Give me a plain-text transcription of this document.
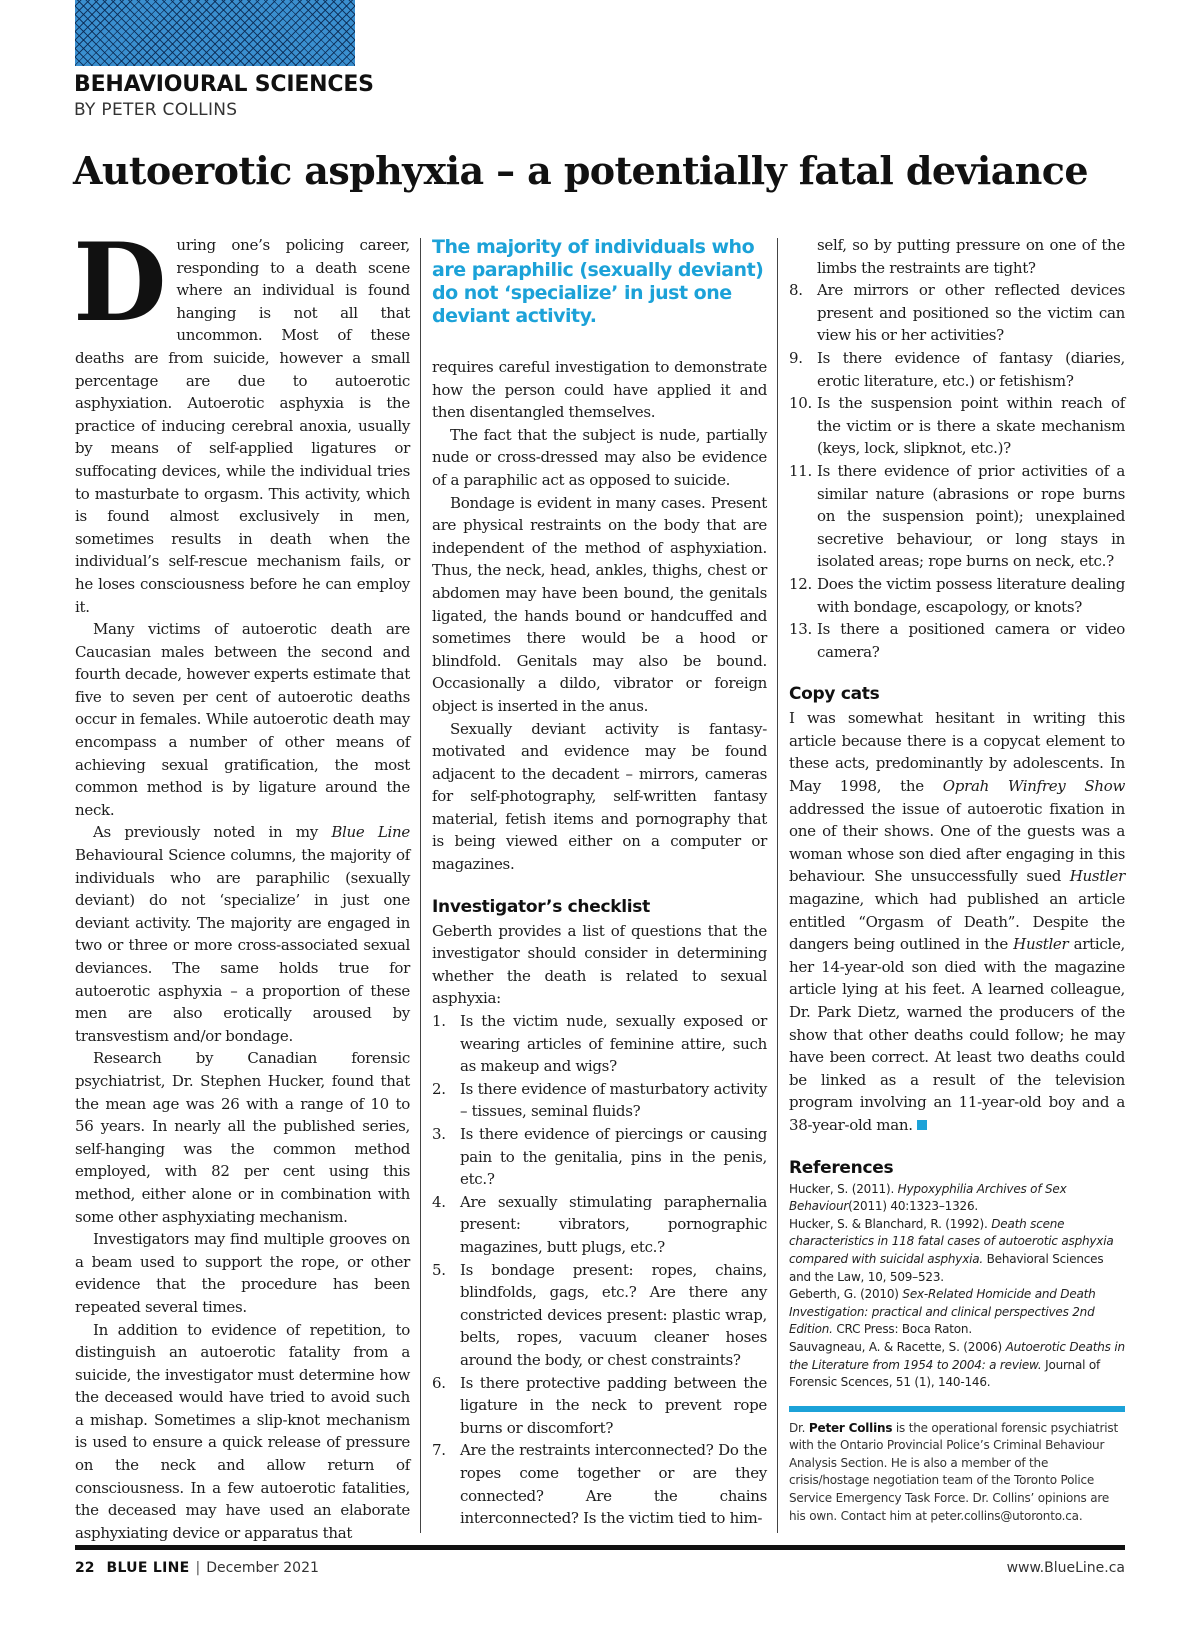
BEHAVIOURAL SCIENCES
BY PETER COLLINS
Autoerotic asphyxia – a potentially fatal deviance

During one’s policing career, responding to a death scene where an individual is found hanging is not all that uncommon. Most of these deaths are from suicide, however a small percentage are due to autoerotic asphyxiation. Autoerotic asphyxia is the practice of inducing cerebral anoxia, usually by means of self-applied ligatures or suffocating devices, while the individual tries to masturbate to orgasm. This activity, which is found almost exclusively in men, sometimes results in death when the individual’s self-rescue mechanism fails, or he loses consciousness before he can employ it.

Many victims of autoerotic death are Caucasian males between the second and fourth decade, however experts estimate that five to seven per cent of autoerotic deaths occur in females. While autoerotic death may encompass a number of other means of achieving sexual gratification, the most common method is by ligature around the neck.

As previously noted in my Blue Line Behavioural Science columns, the majority of individuals who are paraphilic (sexually deviant) do not ‘specialize’ in just one deviant activity. The majority are engaged in two or three or more cross-associated sexual deviances. The same holds true for autoerotic asphyxia – a proportion of these men are also erotically aroused by transvestism and/or bondage.

Research by Canadian forensic psychiatrist, Dr. Stephen Hucker, found that the mean age was 26 with a range of 10 to 56 years. In nearly all the published series, self-hanging was the common method employed, with 82 per cent using this method, either alone or in combination with some other asphyxiating mechanism.

Investigators may find multiple grooves on a beam used to support the rope, or other evidence that the procedure has been repeated several times.

In addition to evidence of repetition, to distinguish an autoerotic fatality from a suicide, the investigator must determine how the deceased would have tried to avoid such a mishap. Sometimes a slip-knot mechanism is used to ensure a quick release of pressure on the neck and allow return of consciousness. In a few autoerotic fatalities, the deceased may have used an elaborate asphyxiating device or apparatus that

The majority of individuals who are paraphilic (sexually deviant) do not ‘specialize’ in just one deviant activity.

requires careful investigation to demonstrate how the person could have applied it and then disentangled themselves.

The fact that the subject is nude, partially nude or cross-dressed may also be evidence of a paraphilic act as opposed to suicide.

Bondage is evident in many cases. Present are physical restraints on the body that are independent of the method of asphyxiation. Thus, the neck, head, ankles, thighs, chest or abdomen may have been bound, the genitals ligated, the hands bound or handcuffed and sometimes there would be a hood or blindfold. Genitals may also be bound. Occasionally a dildo, vibrator or foreign object is inserted in the anus.

Sexually deviant activity is fantasy-motivated and evidence may be found adjacent to the decadent – mirrors, cameras for self-photography, self-written fantasy material, fetish items and pornography that is being viewed either on a computer or magazines.

Investigator’s checklist

Geberth provides a list of questions that the investigator should consider in determining whether the death is related to sexual asphyxia:

1. Is the victim nude, sexually exposed or wearing articles of feminine attire, such as makeup and wigs?
2. Is there evidence of masturbatory activity – tissues, seminal fluids?
3. Is there evidence of piercings or causing pain to the genitalia, pins in the penis, etc.?
4. Are sexually stimulating paraphernalia present: vibrators, pornographic magazines, butt plugs, etc.?
5. Is bondage present: ropes, chains, blindfolds, gags, etc.? Are there any constricted devices present: plastic wrap, belts, ropes, vacuum cleaner hoses around the body, or chest constraints?
6. Is there protective padding between the ligature in the neck to prevent rope burns or discomfort?
7. Are the restraints interconnected? Do the ropes come together or are they connected? Are the chains interconnected? Is the victim tied to him-

self, so by putting pressure on one of the limbs the restraints are tight?

8. Are mirrors or other reflected devices present and positioned so the victim can view his or her activities?
9. Is there evidence of fantasy (diaries, erotic literature, etc.) or fetishism?
10. Is the suspension point within reach of the victim or is there a skate mechanism (keys, lock, slipknot, etc.)?
11. Is there evidence of prior activities of a similar nature (abrasions or rope burns on the suspension point); unexplained secretive behaviour, or long stays in isolated areas; rope burns on neck, etc.?
12. Does the victim possess literature dealing with bondage, escapology, or knots?
13. Is there a positioned camera or video camera?
Copy cats

I was somewhat hesitant in writing this article because there is a copycat element to these acts, predominantly by adolescents. In May 1998, the Oprah Winfrey Show addressed the issue of autoerotic fixation in one of their shows. One of the guests was a woman whose son died after engaging in this behaviour. She unsuccessfully sued Hustler magazine, which had published an article entitled “Orgasm of Death”. Despite the dangers being outlined in the Hustler article, her 14-year-old son died with the magazine article lying at his feet. A learned colleague, Dr. Park Dietz, warned the producers of the show that other deaths could follow; he may have been correct. At least two deaths could be linked as a result of the television program involving an 11-year-old boy and a 38-year-old man.

References

Hucker, S. (2011). Hypoxyphilia Archives of Sex Behaviour(2011) 40:1323–1326.

Hucker, S. & Blanchard, R. (1992). Death scene characteristics in 118 fatal cases of autoerotic asphyxia compared with suicidal asphyxia. Behavioral Sciences and the Law, 10, 509–523.

Geberth, G. (2010) Sex-Related Homicide and Death Investigation: practical and clinical perspectives 2nd Edition. CRC Press: Boca Raton.

Sauvagneau, A. & Racette, S. (2006) Autoerotic Deaths in the Literature from 1954 to 2004: a review. Journal of Forensic Scences, 51 (1), 140-146.

Dr. Peter Collins is the operational forensic psychiatrist with the Ontario Provincial Police’s Criminal Behaviour Analysis Section. He is also a member of the crisis/hostage negotiation team of the Toronto Police Service Emergency Task Force. Dr. Collins’ opinions are his own. Contact him at peter.collins@utoronto.ca.
22 BLUE LINE | December 2021	www.BlueLine.ca
